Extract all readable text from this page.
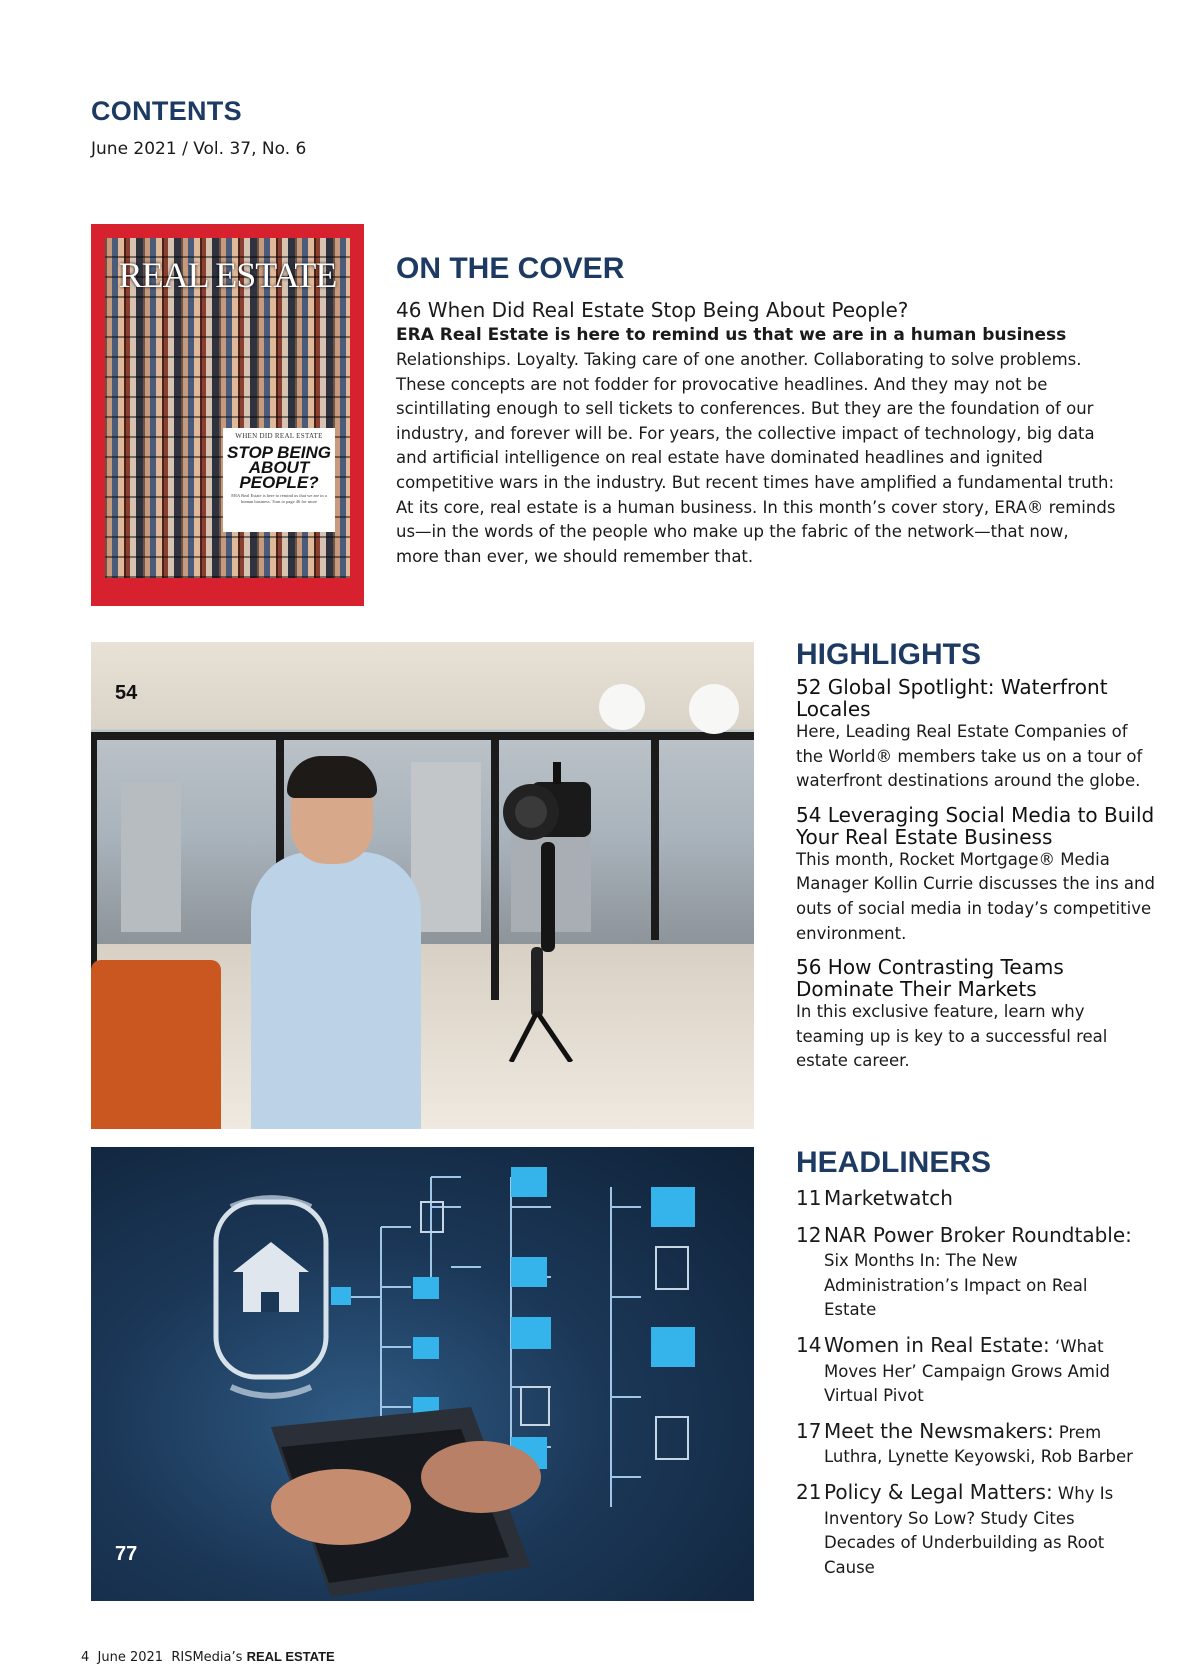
CONTENTS
June 2021 / Vol. 37, No. 6
REAL ESTATE
WHEN DID REAL ESTATE
STOP BEING ABOUT PEOPLE?
ERA Real Estate is here to remind us that we are in a human business. Turn to page 46 for more
ON THE COVER
46 When Did Real Estate Stop Being About People?
ERA Real Estate is here to remind us that we are in a human business
Relationships. Loyalty. Taking care of one another. Collaborating to solve problems. These concepts are not fodder for provocative headlines. And they may not be scintillating enough to sell tickets to conferences. But they are the foundation of our industry, and forever will be. For years, the collective impact of technology, big data and artificial intelligence on real estate have dominated headlines and ignited competitive wars in the industry. But recent times have amplified a fundamental truth: At its core, real estate is a human business. In this month’s cover story, ERA® reminds us—in the words of the people who make up the fabric of the network—that now, more than ever, we should remember that.
54
77
HIGHLIGHTS
52 Global Spotlight: Waterfront Locales
Here, Leading Real Estate Companies of the World® members take us on a tour of waterfront destinations around the globe.
54 Leveraging Social Media to Build Your Real Estate Business
This month, Rocket Mortgage® Media Manager Kollin Currie discusses the ins and outs of social media in today’s competitive environment.
56 How Contrasting Teams Dominate Their Markets
In this exclusive feature, learn why teaming up is key to a successful real estate career.
HEADLINERS
11 Marketwatch
12 NAR Power Broker Roundtable: Six Months In: The New Administration’s Impact on Real Estate
14 Women in Real Estate: ‘What Moves Her’ Campaign Grows Amid Virtual Pivot
17 Meet the Newsmakers: Prem Luthra, Lynette Keyowski, Rob Barber
21 Policy & Legal Matters: Why Is Inventory So Low? Study Cites Decades of Underbuilding as Root Cause
4 June 2021 RISMedia’s REAL ESTATE
